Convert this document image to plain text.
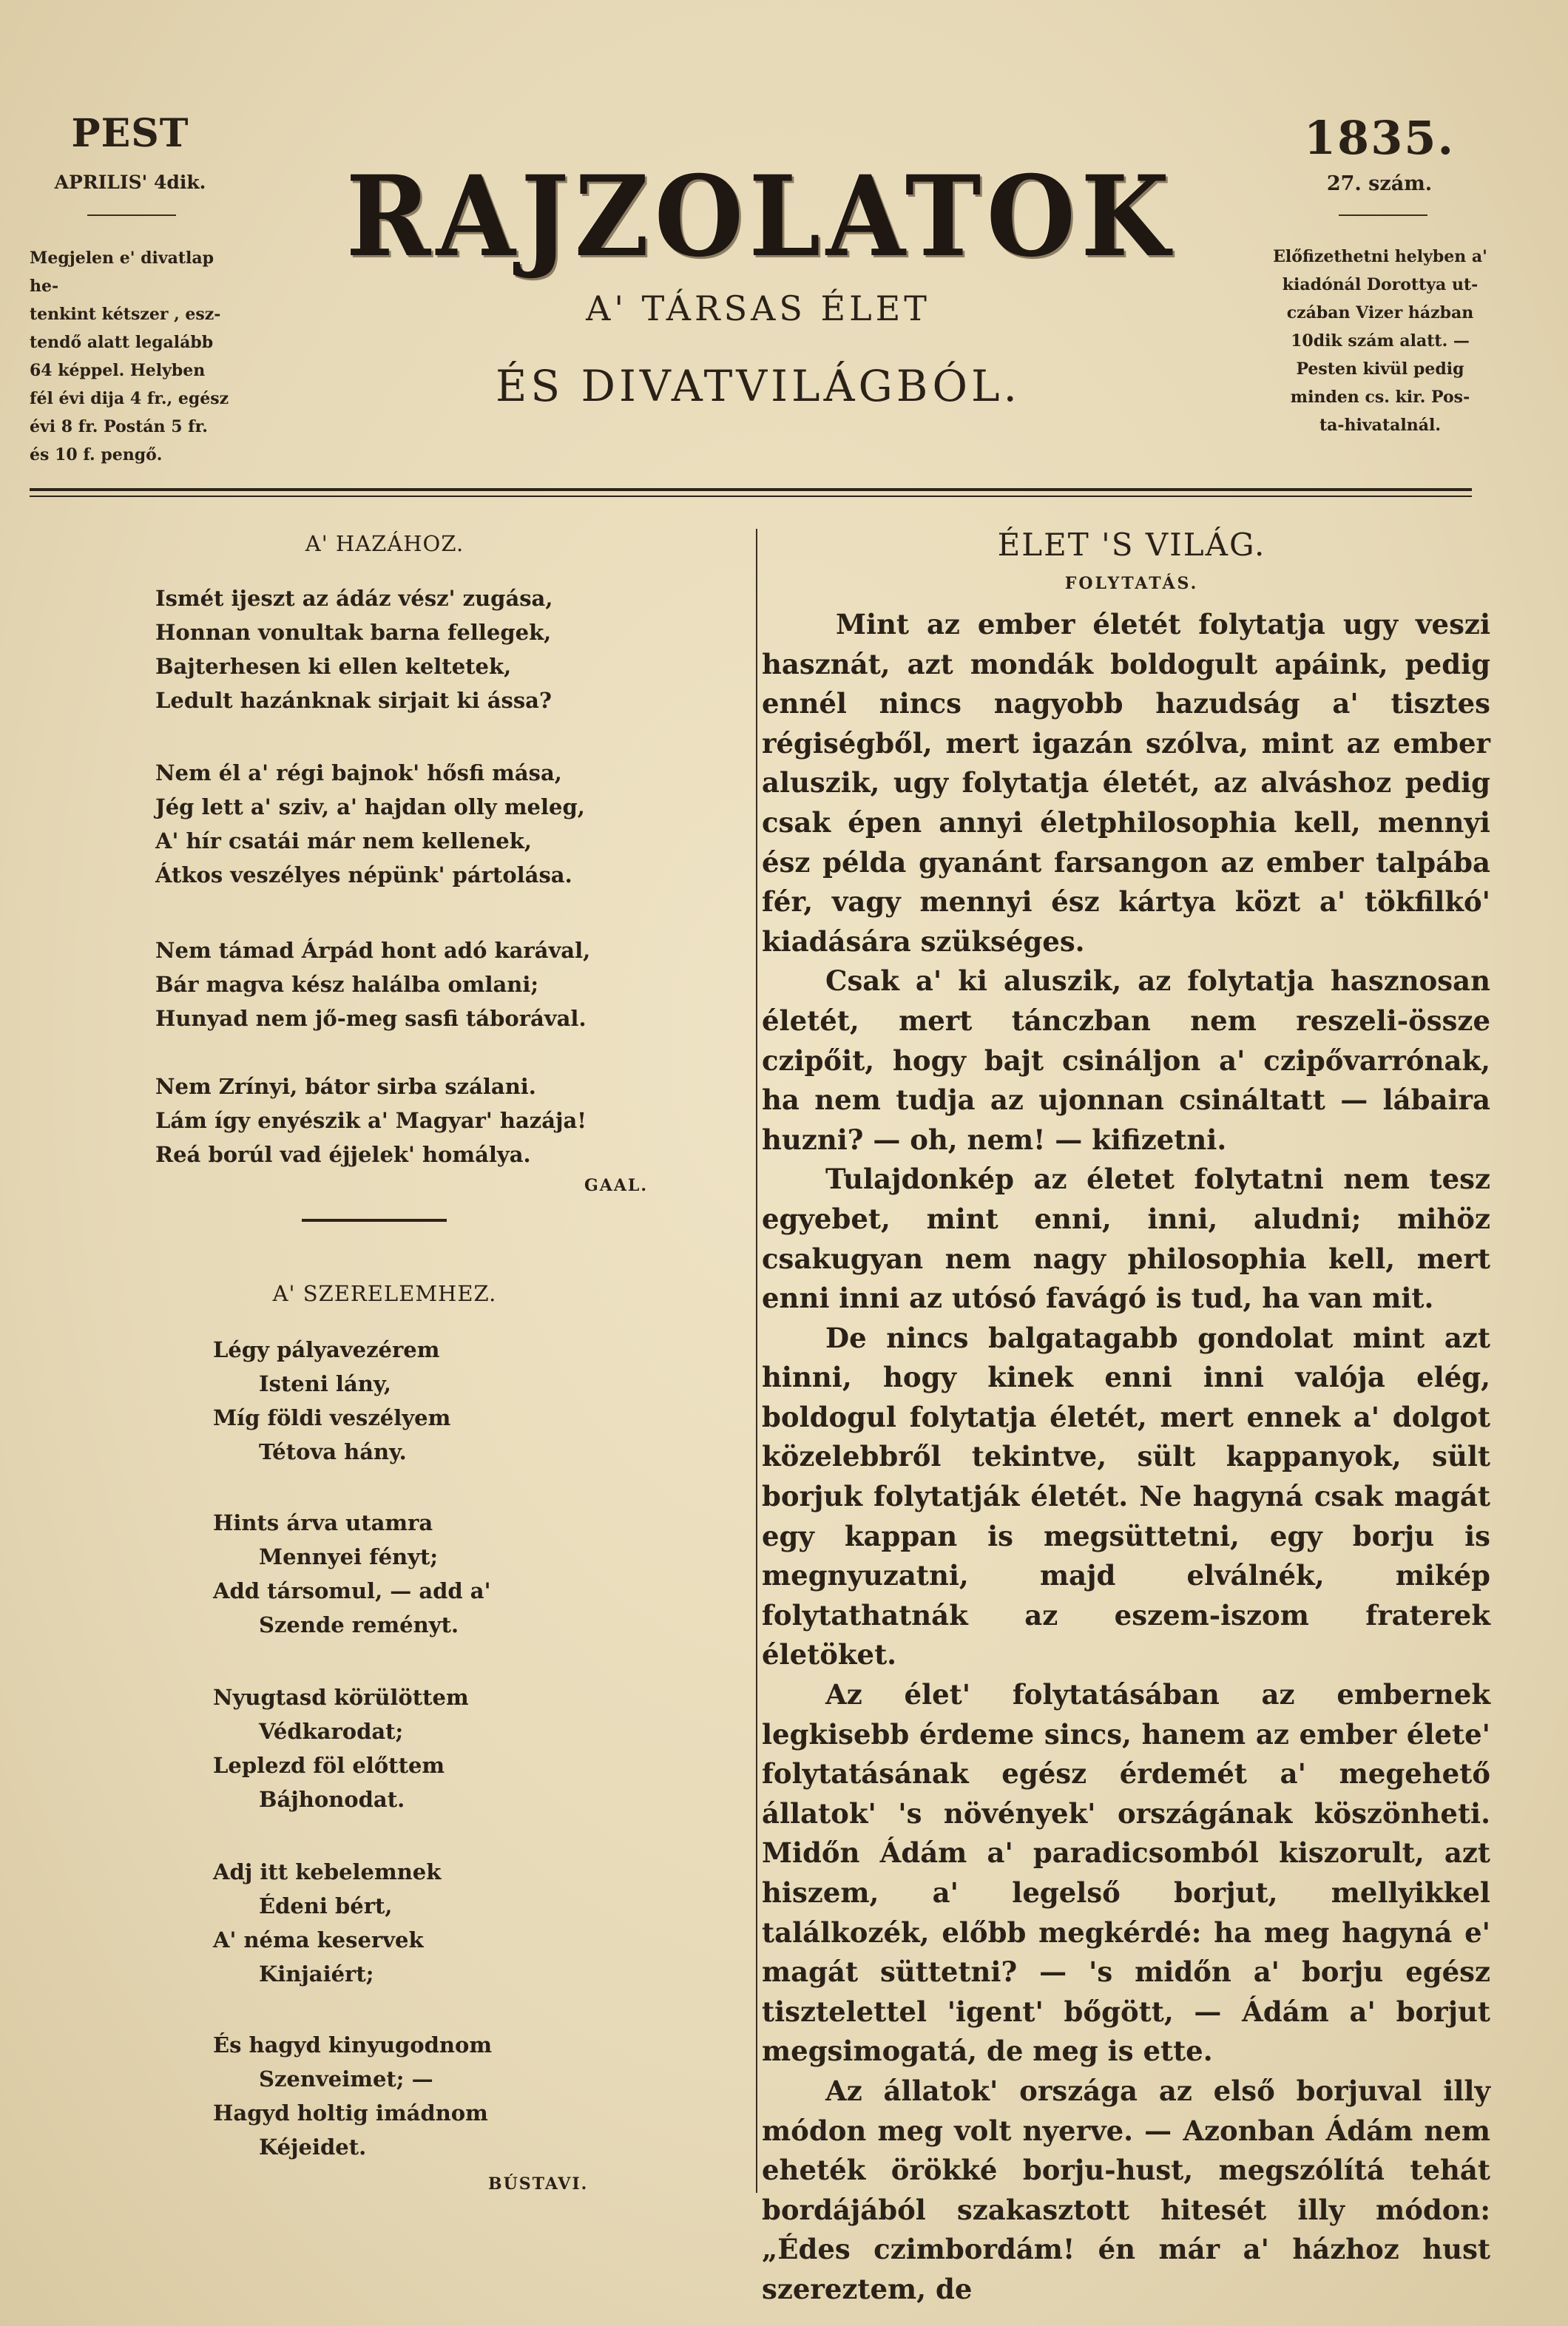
PEST
APRILIS' 4dik.
Megjelen e' divatlap he-
tenkint kétszer , esz-
tendő alatt legalább
64 képpel. Helyben
fél évi dija 4 fr., egész
évi 8 fr. Postán 5 fr.
és 10 f. pengő.
RAJZOLATOK
A' TÁRSAS ÉLET
ÉS DIVATVILÁGBÓL.
1835.
27. szám.
Előfizethetni helyben a'
kiadónál Dorottya ut-
czában Vizer házban
10dik szám alatt. —
Pesten kivül pedig
minden cs. kir. Pos-
ta-hivatalnál.
A' HAZÁHOZ.
Ismét ijeszt az ádáz vész' zugása,
Honnan vonultak barna fellegek,
Bajterhesen ki ellen keltetek,
Ledult hazánknak sirjait ki ássa?
Nem él a' régi bajnok' hősfi mása,
Jég lett a' sziv, a' hajdan olly meleg,
A' hír csatái már nem kellenek,
Átkos veszélyes népünk' pártolása.
Nem támad Árpád hont adó karával,
Bár magva kész halálba omlani;
Hunyad nem jő-meg sasfi táborával.
Nem Zrínyi, bátor sirba szálani.
Lám így enyészik a' Magyar' hazája!
Reá borúl vad éjjelek' homálya.
GAAL.
A' SZERELEMHEZ.
Légy pályavezérem
Isteni lány,
Míg földi veszélyem
Tétova hány.
Hints árva utamra
Mennyei fényt;
Add társomul, — add a'
Szende reményt.
Nyugtasd körülöttem
Védkarodat;
Leplezd föl előttem
Bájhonodat.
Adj itt kebelemnek
Édeni bért,
A' néma keservek
Kinjaiért;
És hagyd kinyugodnom
Szenveimet; —
Hagyd holtig imádnom
Kéjeidet.
BÚSTAVI.
ÉLET 'S VILÁG.
FOLYTATÁS.

Mint az ember életét folytatja ugy veszi hasznát, azt mondák boldogult apáink, pedig ennél nincs nagyobb hazudság a' tisztes régiségből, mert igazán szólva, mint az ember aluszik, ugy folytatja életét, az alváshoz pedig csak épen annyi életphilosophia kell, mennyi ész példa gyanánt farsangon az ember talpába fér, vagy mennyi ész kártya közt a' tökfilkó' kiadására szükséges.

Csak a' ki aluszik, az folytatja hasznosan életét, mert tánczban nem reszeli-össze czipőit, hogy bajt csináljon a' czipővarrónak, ha nem tudja az ujonnan csináltatt — lábaira huzni? — oh, nem! — kifizetni.

Tulajdonkép az életet folytatni nem tesz egyebet, mint enni, inni, aludni; mihöz csakugyan nem nagy philosophia kell, mert enni inni az utósó favágó is tud, ha van mit.

De nincs balgatagabb gondolat mint azt hinni, hogy kinek enni inni valója elég, boldogul folytatja életét, mert ennek a' dolgot közelebbről tekintve, sült kappanyok, sült borjuk folytatják életét. Ne hagyná csak magát egy kappan is megsüttetni, egy borju is megnyuzatni, majd elválnék, mikép folytathatnák az eszem-iszom fraterek életöket.

Az élet' folytatásában az embernek legkisebb érdeme sincs, hanem az ember élete' folytatásának egész érdemét a' megehető állatok' 's növények' országának köszönheti. Midőn Ádám a' paradicsomból kiszorult, azt hiszem, a' legelső borjut, mellyikkel találkozék, előbb megkérdé: ha meg hagyná e' magát süttetni? — 's midőn a' borju egész tisztelettel 'igent' bőgött, — Ádám a' borjut megsimogatá, de meg is ette.

Az állatok' országa az első borjuval illy módon meg volt nyerve. — Azonban Ádám nem eheték örökké borju-hust, megszólítá tehát bordájából szakasztott hitesét illy módon: „Édes czimbordám! én már a' házhoz hust szereztem, de
